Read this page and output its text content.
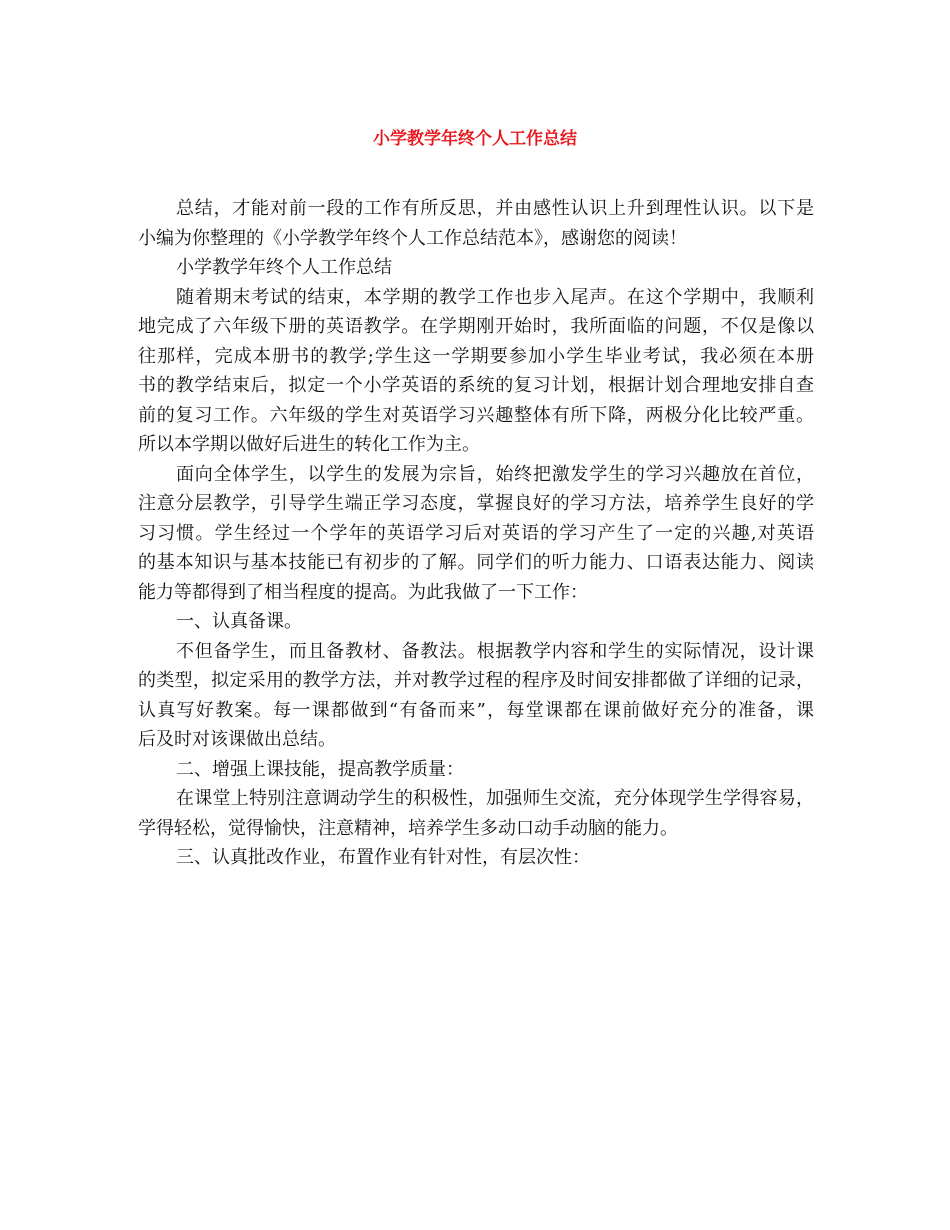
小学教学年终个人工作总结
总结，才能对前一段的工作有所反思，并由感性认识上升到理性认识。以下是
小编为你整理的《小学教学年终个人工作总结范本》，感谢您的阅读！
小学教学年终个人工作总结
随着期末考试的结束，本学期的教学工作也步入尾声。在这个学期中，我顺利
地完成了六年级下册的英语教学。在学期刚开始时，我所面临的问题，不仅是像以
往那样，完成本册书的教学;学生这一学期要参加小学生毕业考试，我必须在本册
书的教学结束后，拟定一个小学英语的系统的复习计划，根据计划合理地安排自查
前的复习工作。六年级的学生对英语学习兴趣整体有所下降，两极分化比较严重。
所以本学期以做好后进生的转化工作为主。
面向全体学生，以学生的发展为宗旨，始终把激发学生的学习兴趣放在首位，
注意分层教学，引导学生端正学习态度，掌握良好的学习方法，培养学生良好的学
习习惯。学生经过一个学年的英语学习后对英语的学习产生了一定的兴趣,对英语
的基本知识与基本技能已有初步的了解。同学们的听力能力、口语表达能力、阅读
能力等都得到了相当程度的提高。为此我做了一下工作：
一、认真备课。
不但备学生，而且备教材、备教法。根据教学内容和学生的实际情况，设计课
的类型，拟定采用的教学方法，并对教学过程的程序及时间安排都做了详细的记录，
认真写好教案。每一课都做到“有备而来”，每堂课都在课前做好充分的准备，课
后及时对该课做出总结。
二、增强上课技能，提高教学质量：
在课堂上特别注意调动学生的积极性，加强师生交流，充分体现学生学得容易，
学得轻松，觉得愉快，注意精神，培养学生多动口动手动脑的能力。
三、认真批改作业，布置作业有针对性，有层次性：
